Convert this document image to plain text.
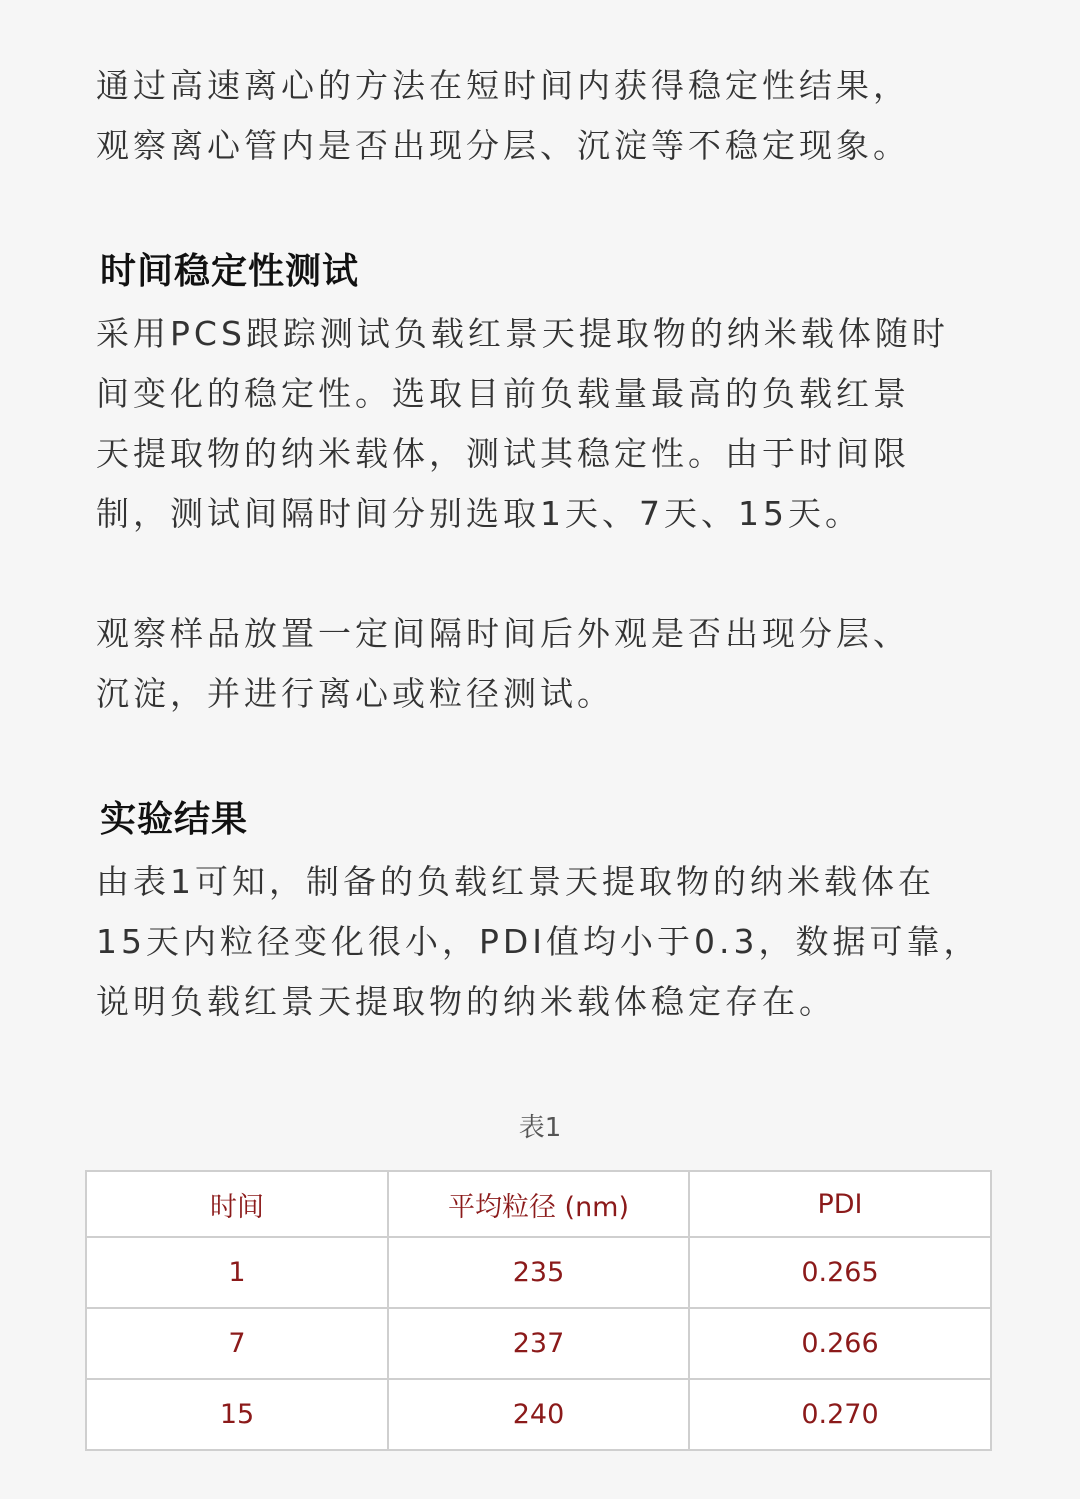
通过高速离心的方法在短时间内获得稳定性结果，
观察离心管内是否出现分层、沉淀等不稳定现象。

时间稳定性测试

采用PCS跟踪测试负载红景天提取物的纳米载体随时
间变化的稳定性。选取目前负载量最高的负载红景
天提取物的纳米载体，测试其稳定性。由于时间限
制，测试间隔时间分别选取1天、7天、15天。

观察样品放置一定间隔时间后外观是否出现分层、
沉淀，并进行离心或粒径测试。

实验结果

由表1可知，制备的负载红景天提取物的纳米载体在
15天内粒径变化很小，PDI值均小于0.3，数据可靠，
说明负载红景天提取物的纳米载体稳定存在。

表1
时间	平均粒径 (nm)	PDI
1	235	0.265
7	237	0.266
15	240	0.270
